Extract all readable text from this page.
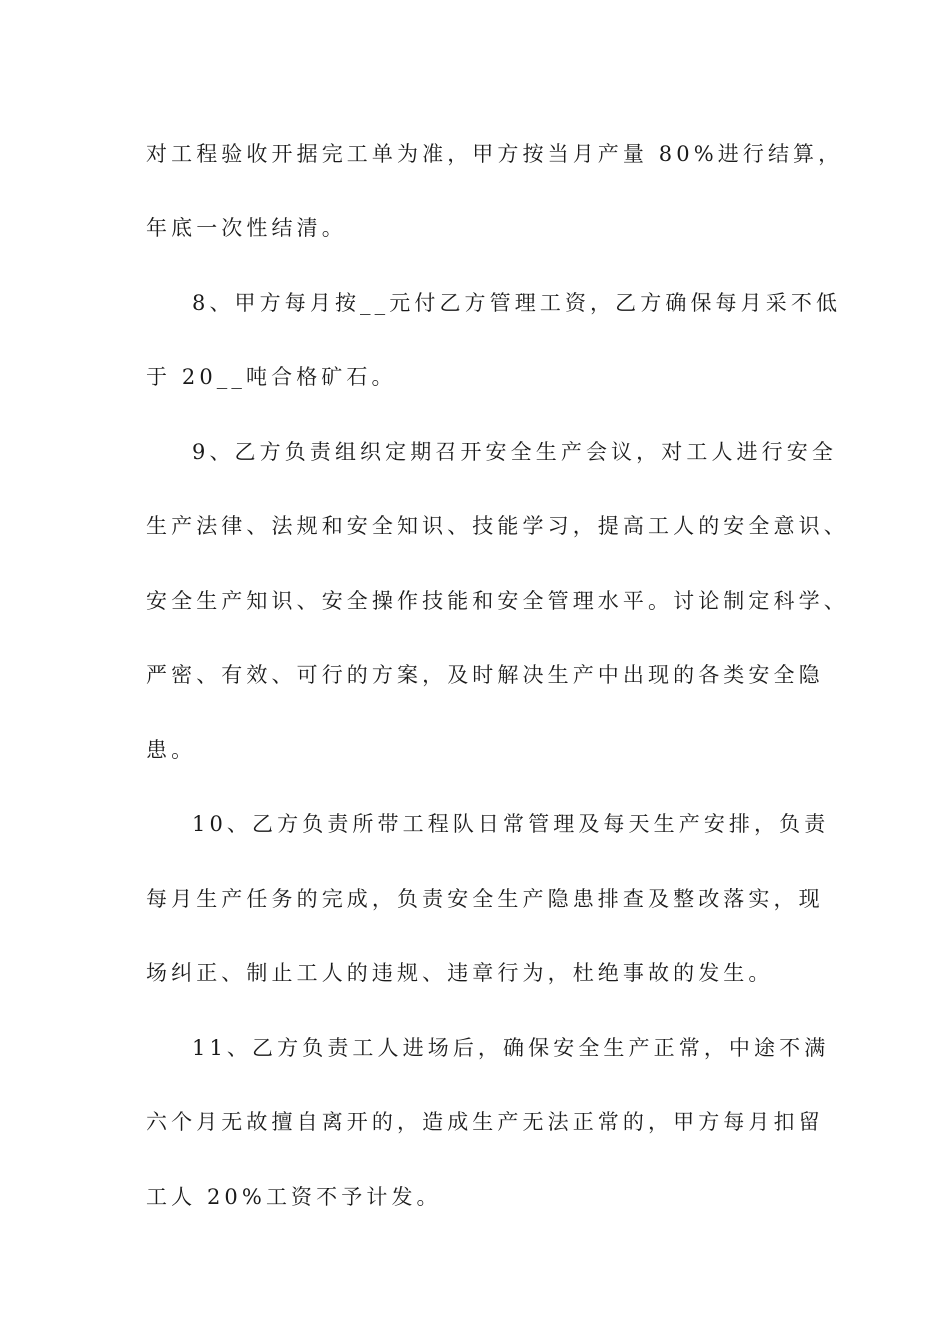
对工程验收开据完工单为准，甲方按当月产量 80%进行结算，
年底一次性结清。
8、甲方每月按__元付乙方管理工资，乙方确保每月采不低
于 20__吨合格矿石。
9、乙方负责组织定期召开安全生产会议，对工人进行安全
生产法律、法规和安全知识、技能学习，提高工人的安全意识、
安全生产知识、安全操作技能和安全管理水平。讨论制定科学、
严密、有效、可行的方案，及时解决生产中出现的各类安全隐
患。
10、乙方负责所带工程队日常管理及每天生产安排，负责
每月生产任务的完成，负责安全生产隐患排查及整改落实，现
场纠正、制止工人的违规、违章行为，杜绝事故的发生。
11、乙方负责工人进场后，确保安全生产正常，中途不满
六个月无故擅自离开的，造成生产无法正常的，甲方每月扣留
工人 20%工资不予计发。
